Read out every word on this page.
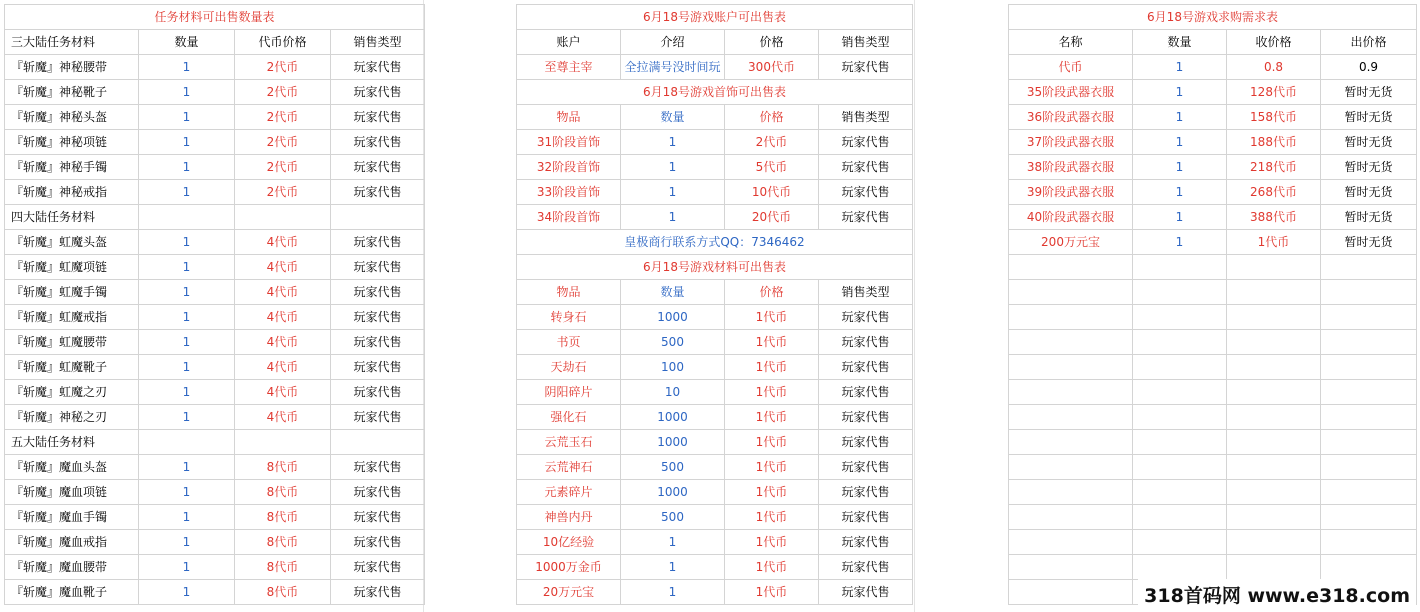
任务材料可出售数量表			
三大陆任务材料	数量	代币价格	销售类型
『斩魔』神秘腰带	1	2代币	玩家代售
『斩魔』神秘靴子	1	2代币	玩家代售
『斩魔』神秘头盔	1	2代币	玩家代售
『斩魔』神秘项链	1	2代币	玩家代售
『斩魔』神秘手镯	1	2代币	玩家代售
『斩魔』神秘戒指	1	2代币	玩家代售
四大陆任务材料			
『斩魔』虹魔头盔	1	4代币	玩家代售
『斩魔』虹魔项链	1	4代币	玩家代售
『斩魔』虹魔手镯	1	4代币	玩家代售
『斩魔』虹魔戒指	1	4代币	玩家代售
『斩魔』虹魔腰带	1	4代币	玩家代售
『斩魔』虹魔靴子	1	4代币	玩家代售
『斩魔』虹魔之刃	1	4代币	玩家代售
『斩魔』神秘之刃	1	4代币	玩家代售
五大陆任务材料			
『斩魔』魔血头盔	1	8代币	玩家代售
『斩魔』魔血项链	1	8代币	玩家代售
『斩魔』魔血手镯	1	8代币	玩家代售
『斩魔』魔血戒指	1	8代币	玩家代售
『斩魔』魔血腰带	1	8代币	玩家代售
『斩魔』魔血靴子	1	8代币	玩家代售
6月18号游戏账户可出售表			
账户	介绍	价格	销售类型
至尊主宰	全拉满号没时间玩	300代币	玩家代售
6月18号游戏首饰可出售表			
物品	数量	价格	销售类型
31阶段首饰	1	2代币	玩家代售
32阶段首饰	1	5代币	玩家代售
33阶段首饰	1	10代币	玩家代售
34阶段首饰	1	20代币	玩家代售
皇极商行联系方式QQ：7346462			
6月18号游戏材料可出售表			
物品	数量	价格	销售类型
转身石	1000	1代币	玩家代售
书页	500	1代币	玩家代售
天劫石	100	1代币	玩家代售
阴阳碎片	10	1代币	玩家代售
强化石	1000	1代币	玩家代售
云荒玉石	1000	1代币	玩家代售
云荒神石	500	1代币	玩家代售
元素碎片	1000	1代币	玩家代售
神兽内丹	500	1代币	玩家代售
10亿经验	1	1代币	玩家代售
1000万金币	1	1代币	玩家代售
20万元宝	1	1代币	玩家代售
6月18号游戏求购需求表			
名称	数量	收价格	出价格
代币	1	0.8	0.9
35阶段武器衣服	1	128代币	暂时无货
36阶段武器衣服	1	158代币	暂时无货
37阶段武器衣服	1	188代币	暂时无货
38阶段武器衣服	1	218代币	暂时无货
39阶段武器衣服	1	268代币	暂时无货
40阶段武器衣服	1	388代币	暂时无货
200万元宝	1	1代币	暂时无货

318首码网 www.e318.com
